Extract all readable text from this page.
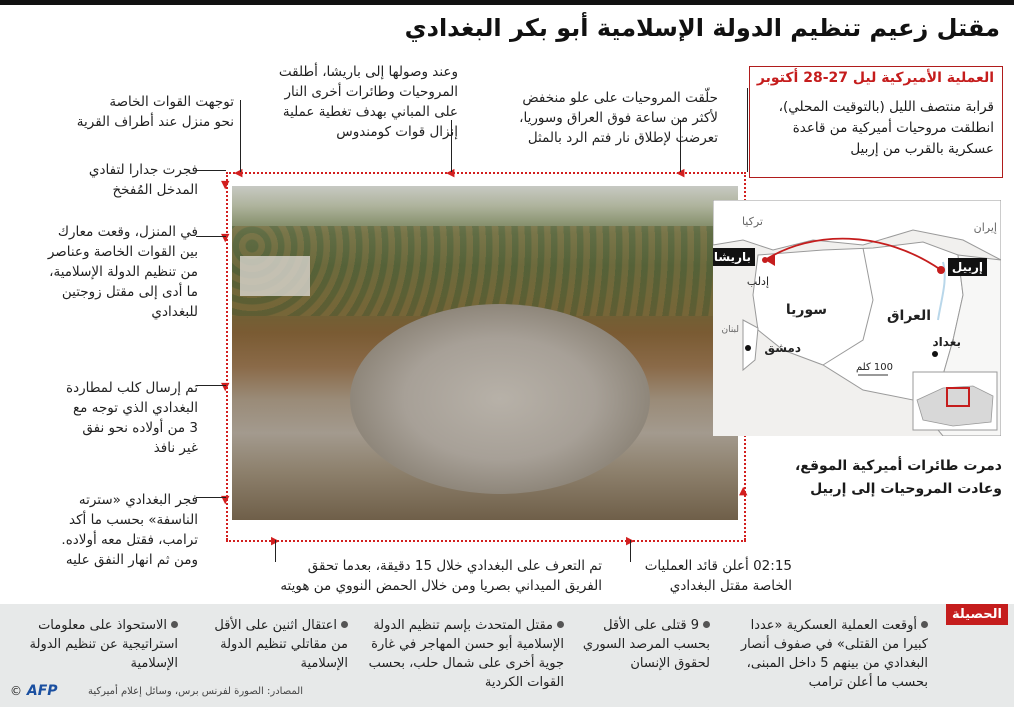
مقتل زعيم تنظيم الدولة الإسلامية أبو بكر البغدادي
◀
◀
◀
▼
▼
▼
▼
▶	▶
▲
توجهت القوات الخاصة
نحو منزل عند أطراف القرية
وعند وصولها إلى باريشا، أطلقت
المروحيات وطائرات أخرى النار
على المباني بهدف تغطية عملية
إنزال قوات كومندوس
حلّقت المروحيات على علو منخفض
لأكثر من ساعة فوق العراق وسوريا،
تعرضت لإطلاق نار فتم الرد بالمثل
فجرت جدارا لتفادي
المدخل المُفخخ
في المنزل، وقعت معارك
بين القوات الخاصة وعناصر
من تنظيم الدولة الإسلامية،
ما أدى إلى مقتل زوجتين
للبغدادي
تم إرسال كلب لمطاردة
البغدادي الذي توجه مع
3 من أولاده نحو نفق
غير نافذ
فجر البغدادي «سترته
الناسفة» بحسب ما أكد
ترامب، فقتل معه أولاده.
ومن ثم انهار النفق عليه	تم التعرف على البغدادي خلال 15 دقيقة، بعدما تحقق
الفريق الميداني بصريا ومن خلال الحمض النووي من هويته
02:15 أعلن قائد العمليات
الخاصة مقتل البغدادي
العملية الأميركية ليل 27-28 أكتوبر
قرابة منتصف الليل (بالتوقيت المحلي)، انطلقت مروحيات أميركية من قاعدة عسكرية بالقرب من إربيل
تركيا	إيران
باريشا
إربيل
إدلب
سوريا	العراق
بغداد
دمشق
لبنان
100 كلم
دمرت طائرات أميركية الموقع،
وعادت المروحيات إلى إربيل
الحصيلة
أوقعت العملية العسكرية «عددا كبيرا من القتلى» في صفوف أنصار البغدادي من بينهم 5 داخل المبنى، بحسب ما أعلن ترامب
9 قتلى على الأقل بحسب المرصد السوري لحقوق الإنسان
مقتل المتحدث بإسم تنظيم الدولة الإسلامية أبو حسن المهاجر في غارة جوية أخرى على شمال حلب، بحسب القوات الكردية
اعتقال اثنين على الأقل من مقاتلي تنظيم الدولة الإسلامية
الاستحواذ على معلومات استراتيجية عن تنظيم الدولة الإسلامية
المصادر: الصورة لفرنس برس، وسائل إعلام أميركية
© AFP
